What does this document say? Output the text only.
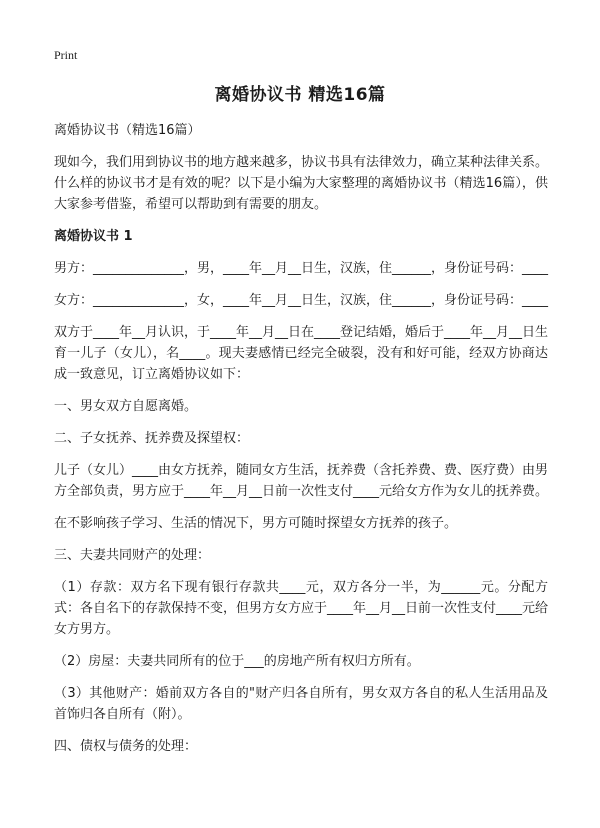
Print
离婚协议书 精选16篇

离婚协议书（精选16篇）

现如今，我们用到协议书的地方越来越多，协议书具有法律效力，确立某种法律关系。什么样的协议书才是有效的呢？以下是小编为大家整理的离婚协议书（精选16篇），供大家参考借鉴，希望可以帮助到有需要的朋友。

离婚协议书 1

男方：______________，男，____年__月__日生，汉族，住______，身份证号码：____

女方：______________，女，____年__月__日生，汉族，住______，身份证号码：____

双方于____年__月认识，于____年__月__日在____登记结婚，婚后于____年__月__日生育一儿子（女儿），名____。现夫妻感情已经完全破裂，没有和好可能，经双方协商达成一致意见，订立离婚协议如下：

一、男女双方自愿离婚。

二、子女抚养、抚养费及探望权：

儿子（女儿）____由女方抚养，随同女方生活，抚养费（含托养费、费、医疗费）由男方全部负责，男方应于____年__月__日前一次性支付____元给女方作为女儿的抚养费。

在不影响孩子学习、生活的情况下，男方可随时探望女方抚养的孩子。

三、夫妻共同财产的处理：

（1）存款：双方名下现有银行存款共____元，双方各分一半，为______元。分配方式：各自名下的存款保持不变，但男方女方应于____年__月__日前一次性支付____元给女方男方。

（2）房屋：夫妻共同所有的位于___的房地产所有权归方所有。

（3）其他财产：婚前双方各自的"财产归各自所有，男女双方各自的私人生活用品及首饰归各自所有（附）。

四、债权与债务的处理：
